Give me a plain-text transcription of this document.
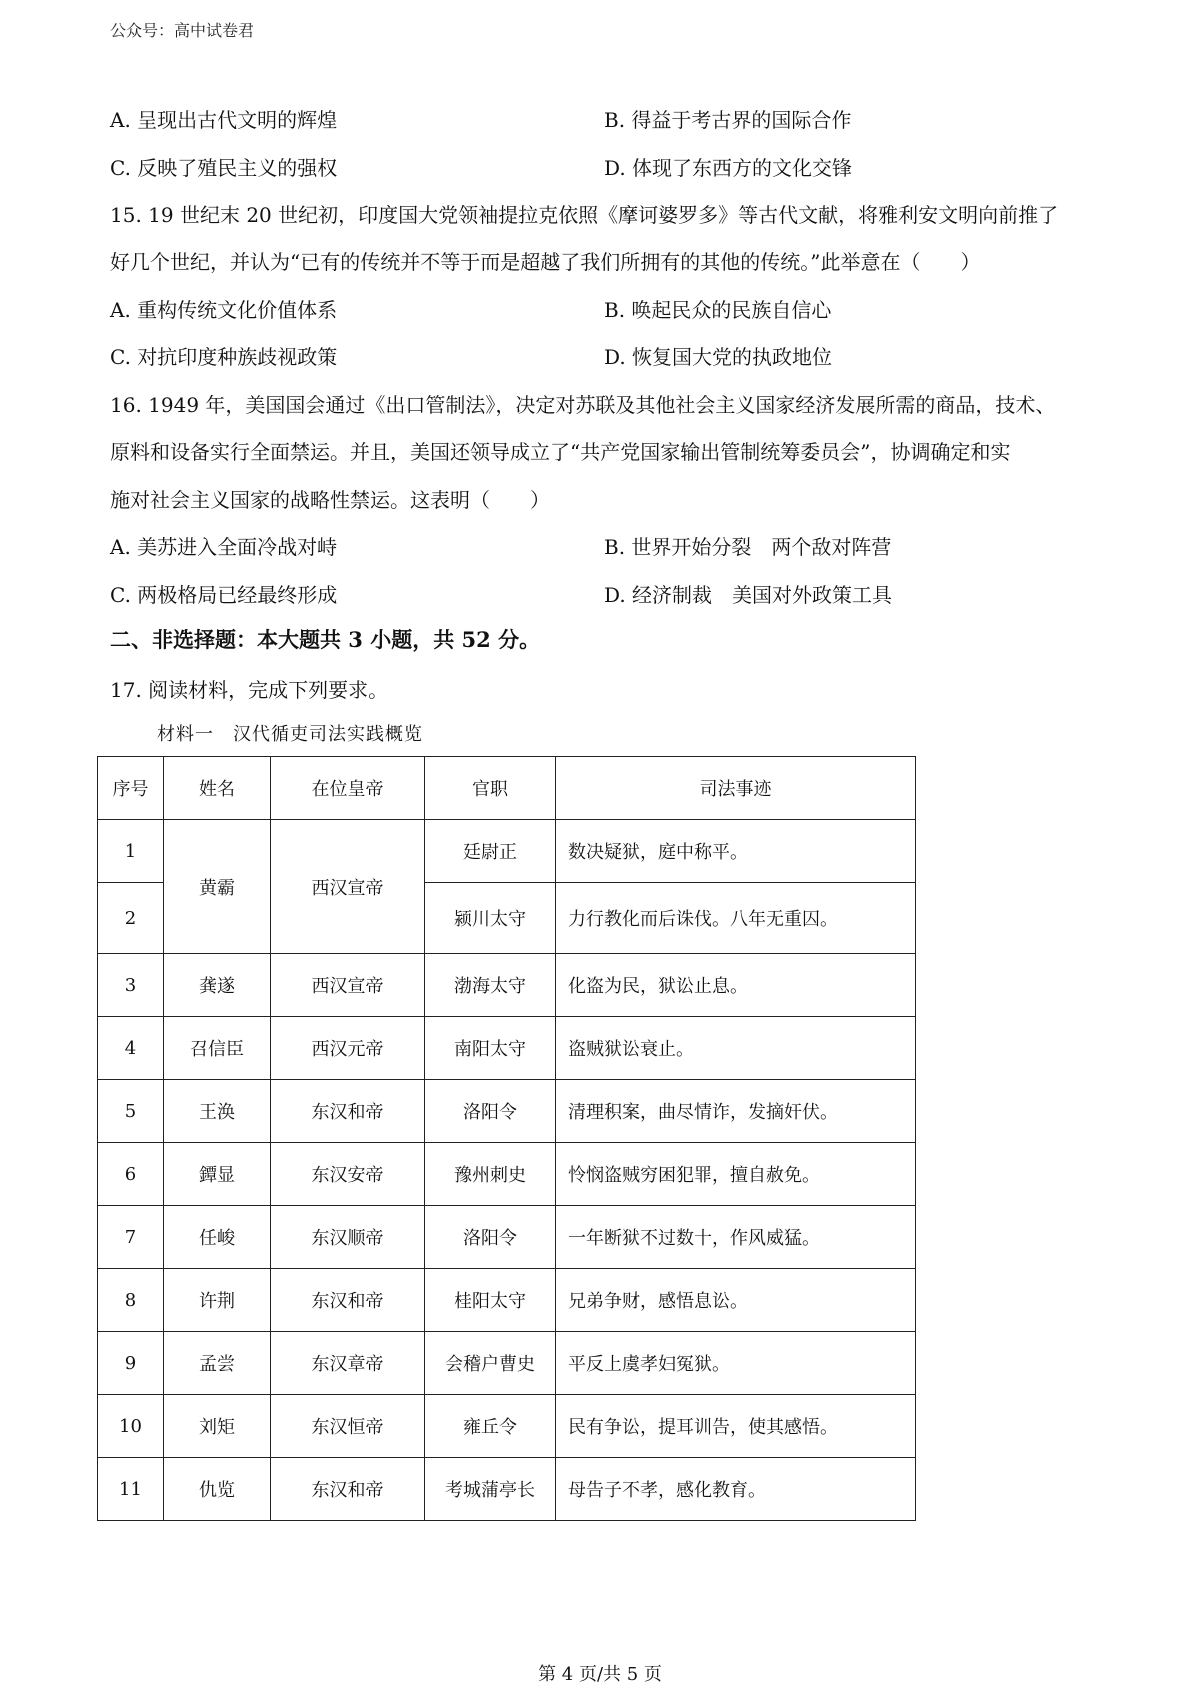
公众号：高中试卷君
A. 呈现出古代文明的辉煌	B. 得益于考古界的国际合作
C. 反映了殖民主义的强权	D. 体现了东西方的文化交锋
15. 19 世纪末 20 世纪初，印度国大党领袖提拉克依照《摩诃婆罗多》等古代文献，将雅利安文明向前推了
好几个世纪，并认为“已有的传统并不等于而是超越了我们所拥有的其他的传统。”此举意在（　　）
A. 重构传统文化价值体系	B. 唤起民众的民族自信心
C. 对抗印度种族歧视政策	D. 恢复国大党的执政地位
16. 1949 年，美国国会通过《出口管制法》，决定对苏联及其他社会主义国家经济发展所需的商品，技术、
原料和设备实行全面禁运。并且，美国还领导成立了“共产党国家输出管制统筹委员会”，协调确定和实
施对社会主义国家的战略性禁运。这表明（　　）
A. 美苏进入全面冷战对峙	B. 世界开始分裂　两个敌对阵营
C. 两极格局已经最终形成	D. 经济制裁　美国对外政策工具
二、非选择题：本大题共 3 小题，共 52 分。
17. 阅读材料，完成下列要求。
材料一　汉代循吏司法实践概览
序号	姓名	在位皇帝	官职	司法事迹
1	黄霸	西汉宣帝	廷尉正	数决疑狱，庭中称平。
2			颍川太守	力行教化而后诛伐。八年无重囚。
3	龚遂	西汉宣帝	渤海太守	化盗为民，狱讼止息。
4	召信臣	西汉元帝	南阳太守	盗贼狱讼衰止。
5	王涣	东汉和帝	洛阳令	清理积案，曲尽情诈，发摘奸伏。
6	鐔显	东汉安帝	豫州刺史	怜悯盗贼穷困犯罪，擅自赦免。
7	任峻	东汉顺帝	洛阳令	一年断狱不过数十，作风威猛。
8	许荆	东汉和帝	桂阳太守	兄弟争财，感悟息讼。
9	孟尝	东汉章帝	会稽户曹史	平反上虞孝妇冤狱。
10	刘矩	东汉恒帝	雍丘令	民有争讼，提耳训告，使其感悟。
11	仇览	东汉和帝	考城蒲亭长	母告子不孝，感化教育。
第 4 页/共 5 页
